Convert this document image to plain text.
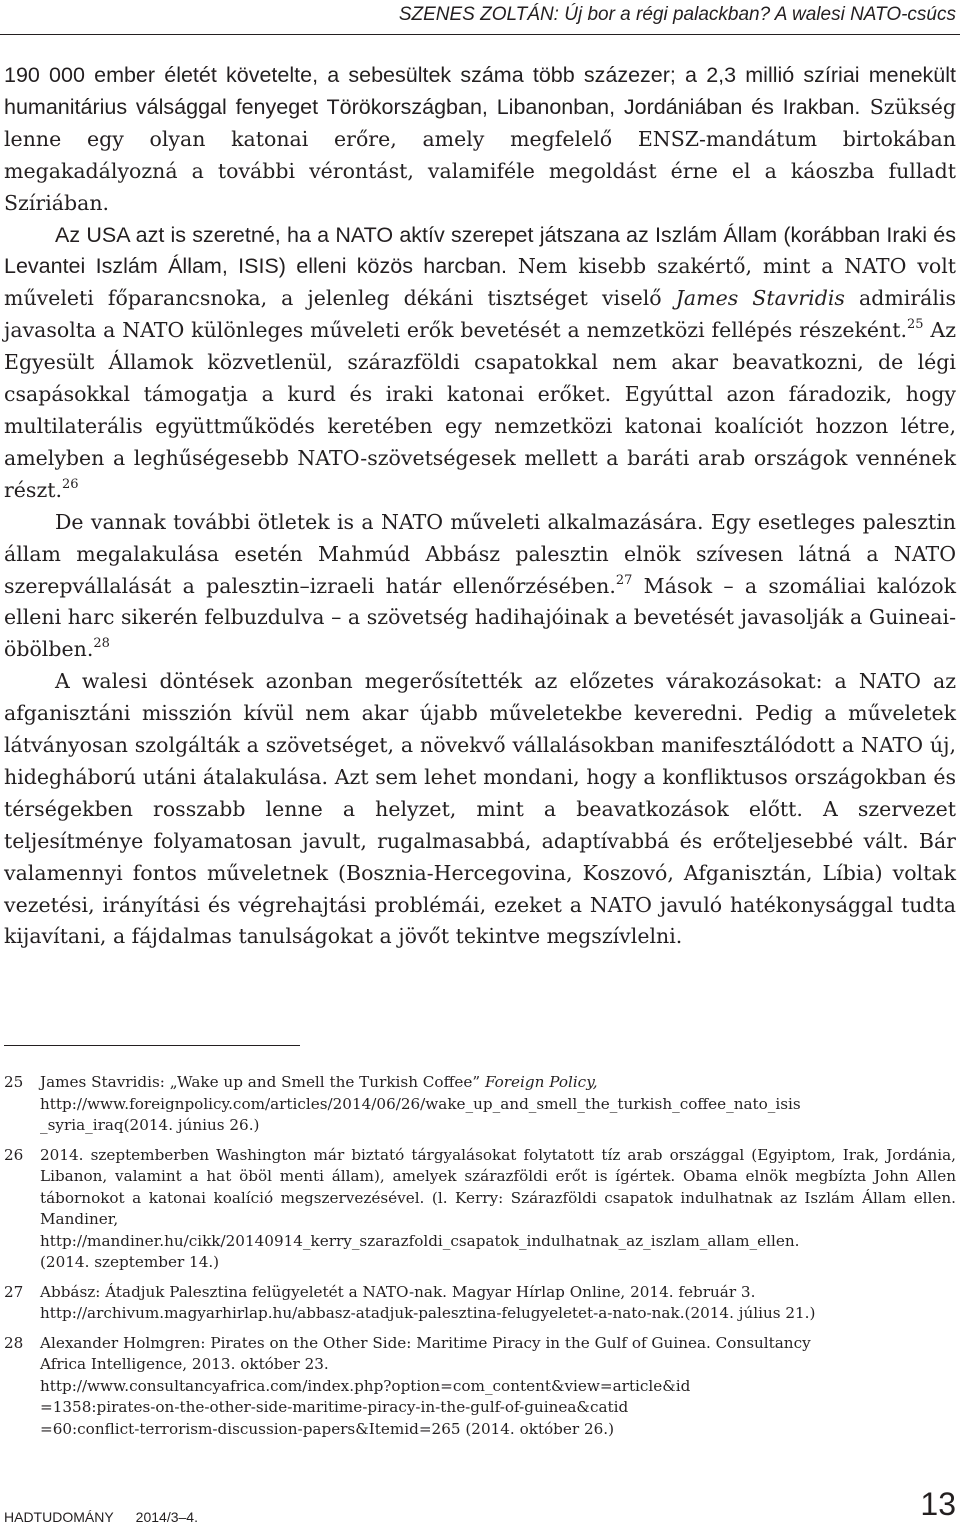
SZENES ZOLTÁN: Új bor a régi palackban? A walesi NATO-csúcs

190 000 ember életét követelte, a sebesültek száma több százezer; a 2,3 millió szíriai menekült humanitárius válsággal fenyeget Törökországban, Libanonban, Jordániában és Irakban. Szükség lenne egy olyan katonai erőre, amely megfelelő ENSZ-mandátum birtokában megakadályozná a további vérontást, valamiféle megoldást érne el a káoszba fulladt Szíriában.

Az USA azt is szeretné, ha a NATO aktív szerepet játszana az Iszlám Állam (korábban Iraki és Levantei Iszlám Állam, ISIS) elleni közös harcban. Nem kisebb szakértő, mint a NATO volt műveleti főparancsnoka, a jelenleg dékáni tisztséget viselő James Stavridis admirális javasolta a NATO különleges műveleti erők bevetését a nemzetközi fellépés részeként.$^{25}$ Az Egyesült Államok közvetlenül, szárazföldi csapatokkal nem akar beavatkozni, de légi csapásokkal támogatja a kurd és iraki katonai erőket. Egyúttal azon fáradozik, hogy multilaterális együttműködés keretében egy nemzetközi katonai koalíciót hozzon létre, amelyben a leghűségesebb NATO-szövetségesek mellett a baráti arab országok vennének részt.$^{26}$

De vannak további ötletek is a NATO műveleti alkalmazására. Egy esetleges palesztin állam megalakulása esetén Mahmúd Abbász palesztin elnök szívesen látná a NATO szerepvállalását a palesztin–izraeli határ ellenőrzésében.$^{27}$ Mások – a szomáliai kalózok elleni harc sikerén felbuzdulva – a szövetség hadihajóinak a bevetését javasolják a Guineai-öbölben.$^{28}$

A walesi döntések azonban megerősítették az előzetes várakozásokat: a NATO az afganisztáni misszión kívül nem akar újabb műveletekbe keveredni. Pedig a műveletek látványosan szolgálták a szövetséget, a növekvő vállalásokban manifesztálódott a NATO új, hidegháború utáni átalakulása. Azt sem lehet mondani, hogy a konfliktusos országokban és térségekben rosszabb lenne a helyzet, mint a beavatkozások előtt. A szervezet teljesítménye folyamatosan javult, rugalmasabbá, adaptívabbá és erőteljesebbé vált. Bár valamennyi fontos műveletnek (Bosznia-Hercegovina, Koszovó, Afganisztán, Líbia) voltak vezetési, irányítási és végrehajtási problémái, ezeket a NATO javuló hatékonysággal tudta kijavítani, a fájdalmas tanulságokat a jövőt tekintve megszívlelni.

25	James Stavridis: „Wake up and Smell the Turkish Coffee” Foreign Policy,
http://www.foreignpolicy.com/articles/2014/06/26/wake_up_and_smell_the_turkish_coffee_nato_isis
_syria_iraq(2014. június 26.)
26	2014. szeptemberben Washington már biztató tárgyalásokat folytatott tíz arab országgal (Egyiptom, Irak, Jordánia, Libanon, valamint a hat öböl menti állam), amelyek szárazföldi erőt is ígértek. Obama elnök megbízta John Allen tábornokot a katonai koalíció megszervezésével. (l. Kerry: Szárazföldi csapatok indulhatnak az Iszlám Állam ellen. Mandiner,
http://mandiner.hu/cikk/20140914_kerry_szarazfoldi_csapatok_indulhatnak_az_iszlam_allam_ellen.
(2014. szeptember 14.)
27	Abbász: Átadjuk Palesztina felügyeletét a NATO-nak. Magyar Hírlap Online, 2014. február 3.
http://archivum.magyarhirlap.hu/abbasz-atadjuk-palesztina-felugyeletet-a-nato-nak.(2014. július 21.)
28	Alexander Holmgren: Pirates on the Other Side: Maritime Piracy in the Gulf of Guinea. Consultancy
Africa Intelligence, 2013. október 23.
http://www.consultancyafrica.com/index.php?option=com_content&view=article&id
=1358:pirates-on-the-other-side-maritime-piracy-in-the-gulf-of-guinea&catid
=60:conflict-terrorism-discussion-papers&Itemid=265 (2014. október 26.)
HADTUDOMÁNY 2014/3–4.	13
